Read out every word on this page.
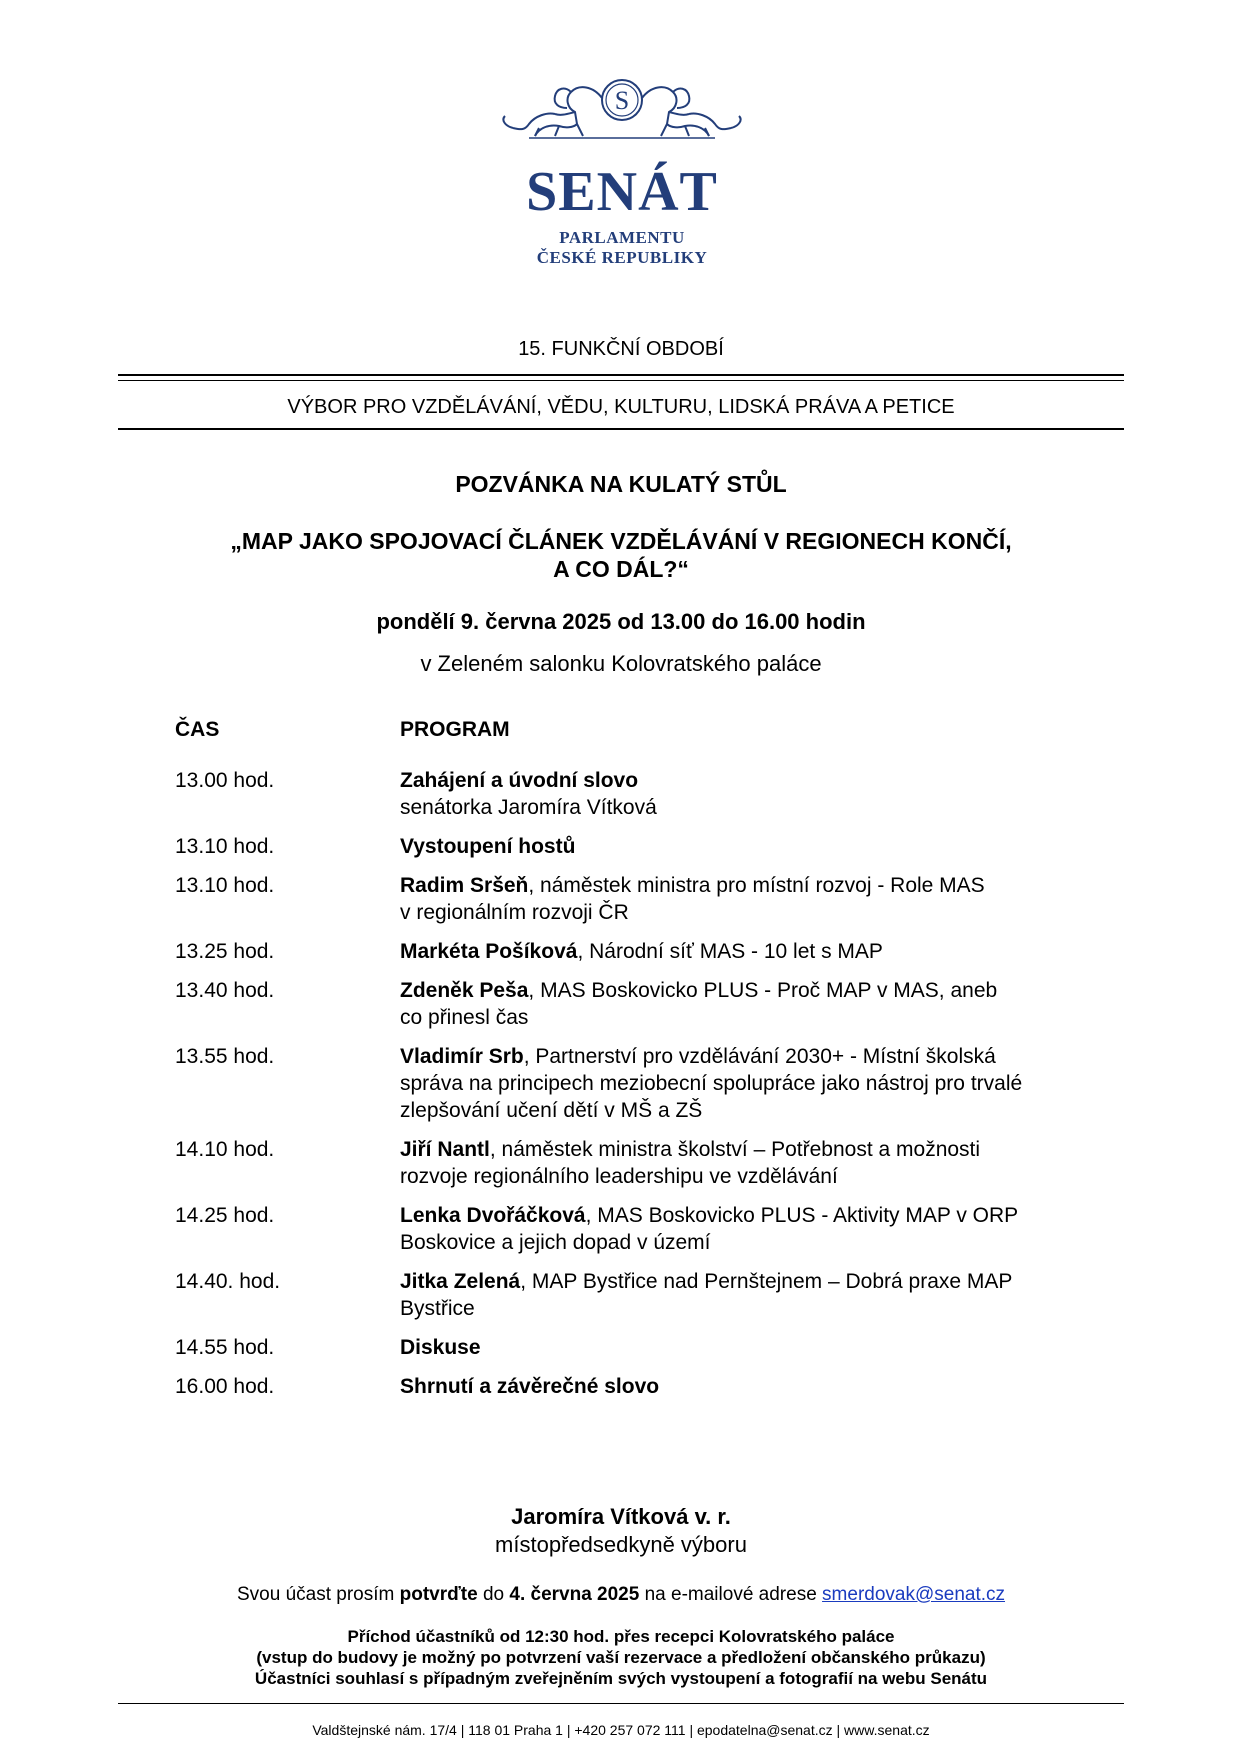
S
SENÁT
PARLAMENTU
ČESKÉ REPUBLIKY
15. FUNKČNÍ OBDOBÍ
VÝBOR PRO VZDĚLÁVÁNÍ, VĚDU, KULTURU, LIDSKÁ PRÁVA A PETICE
POZVÁNKA NA KULATÝ STŮL
„MAP JAKO SPOJOVACÍ ČLÁNEK VZDĚLÁVÁNÍ V REGIONECH KONČÍ,
A CO DÁL?“
pondělí 9. června 2025 od 13.00 do 16.00 hodin
v Zeleném salonku Kolovratského paláce
ČAS	PROGRAM
13.00 hod.	Zahájení a úvodní slovo
senátorka Jaromíra Vítková
13.10 hod.	Vystoupení hostů
13.10 hod.	Radim Sršeň, náměstek ministra pro místní rozvoj - Role MAS
v regionálním rozvoji ČR
13.25 hod.	Markéta Pošíková, Národní síť MAS - 10 let s MAP
13.40 hod.	Zdeněk Peša, MAS Boskovicko PLUS - Proč MAP v MAS, aneb
co přinesl čas
13.55 hod.	Vladimír Srb, Partnerství pro vzdělávání 2030+ - Místní školská
správa na principech meziobecní spolupráce jako nástroj pro trvalé
zlepšování učení dětí v MŠ a ZŠ
14.10 hod.	Jiří Nantl, náměstek ministra školství – Potřebnost a možnosti
rozvoje regionálního leadershipu ve vzdělávání
14.25 hod.	Lenka Dvořáčková, MAS Boskovicko PLUS - Aktivity MAP v ORP
Boskovice a jejich dopad v území
14.40. hod.	Jitka Zelená, MAP Bystřice nad Pernštejnem – Dobrá praxe MAP
Bystřice
14.55 hod.	Diskuse
16.00 hod.	Shrnutí a závěrečné slovo
Jaromíra Vítková v. r.
místopředsedkyně výboru
Svou účast prosím potvrďte do 4. června 2025 na e-mailové adrese smerdovak@senat.cz
Příchod účastníků od 12:30 hod. přes recepci Kolovratského paláce
(vstup do budovy je možný po potvrzení vaší rezervace a předložení občanského průkazu)
Účastníci souhlasí s případným zveřejněním svých vystoupení a fotografií na webu Senátu
Valdštejnské nám. 17/4 | 118 01 Praha 1 | +420 257 072 111 | epodatelna@senat.cz | www.senat.cz
